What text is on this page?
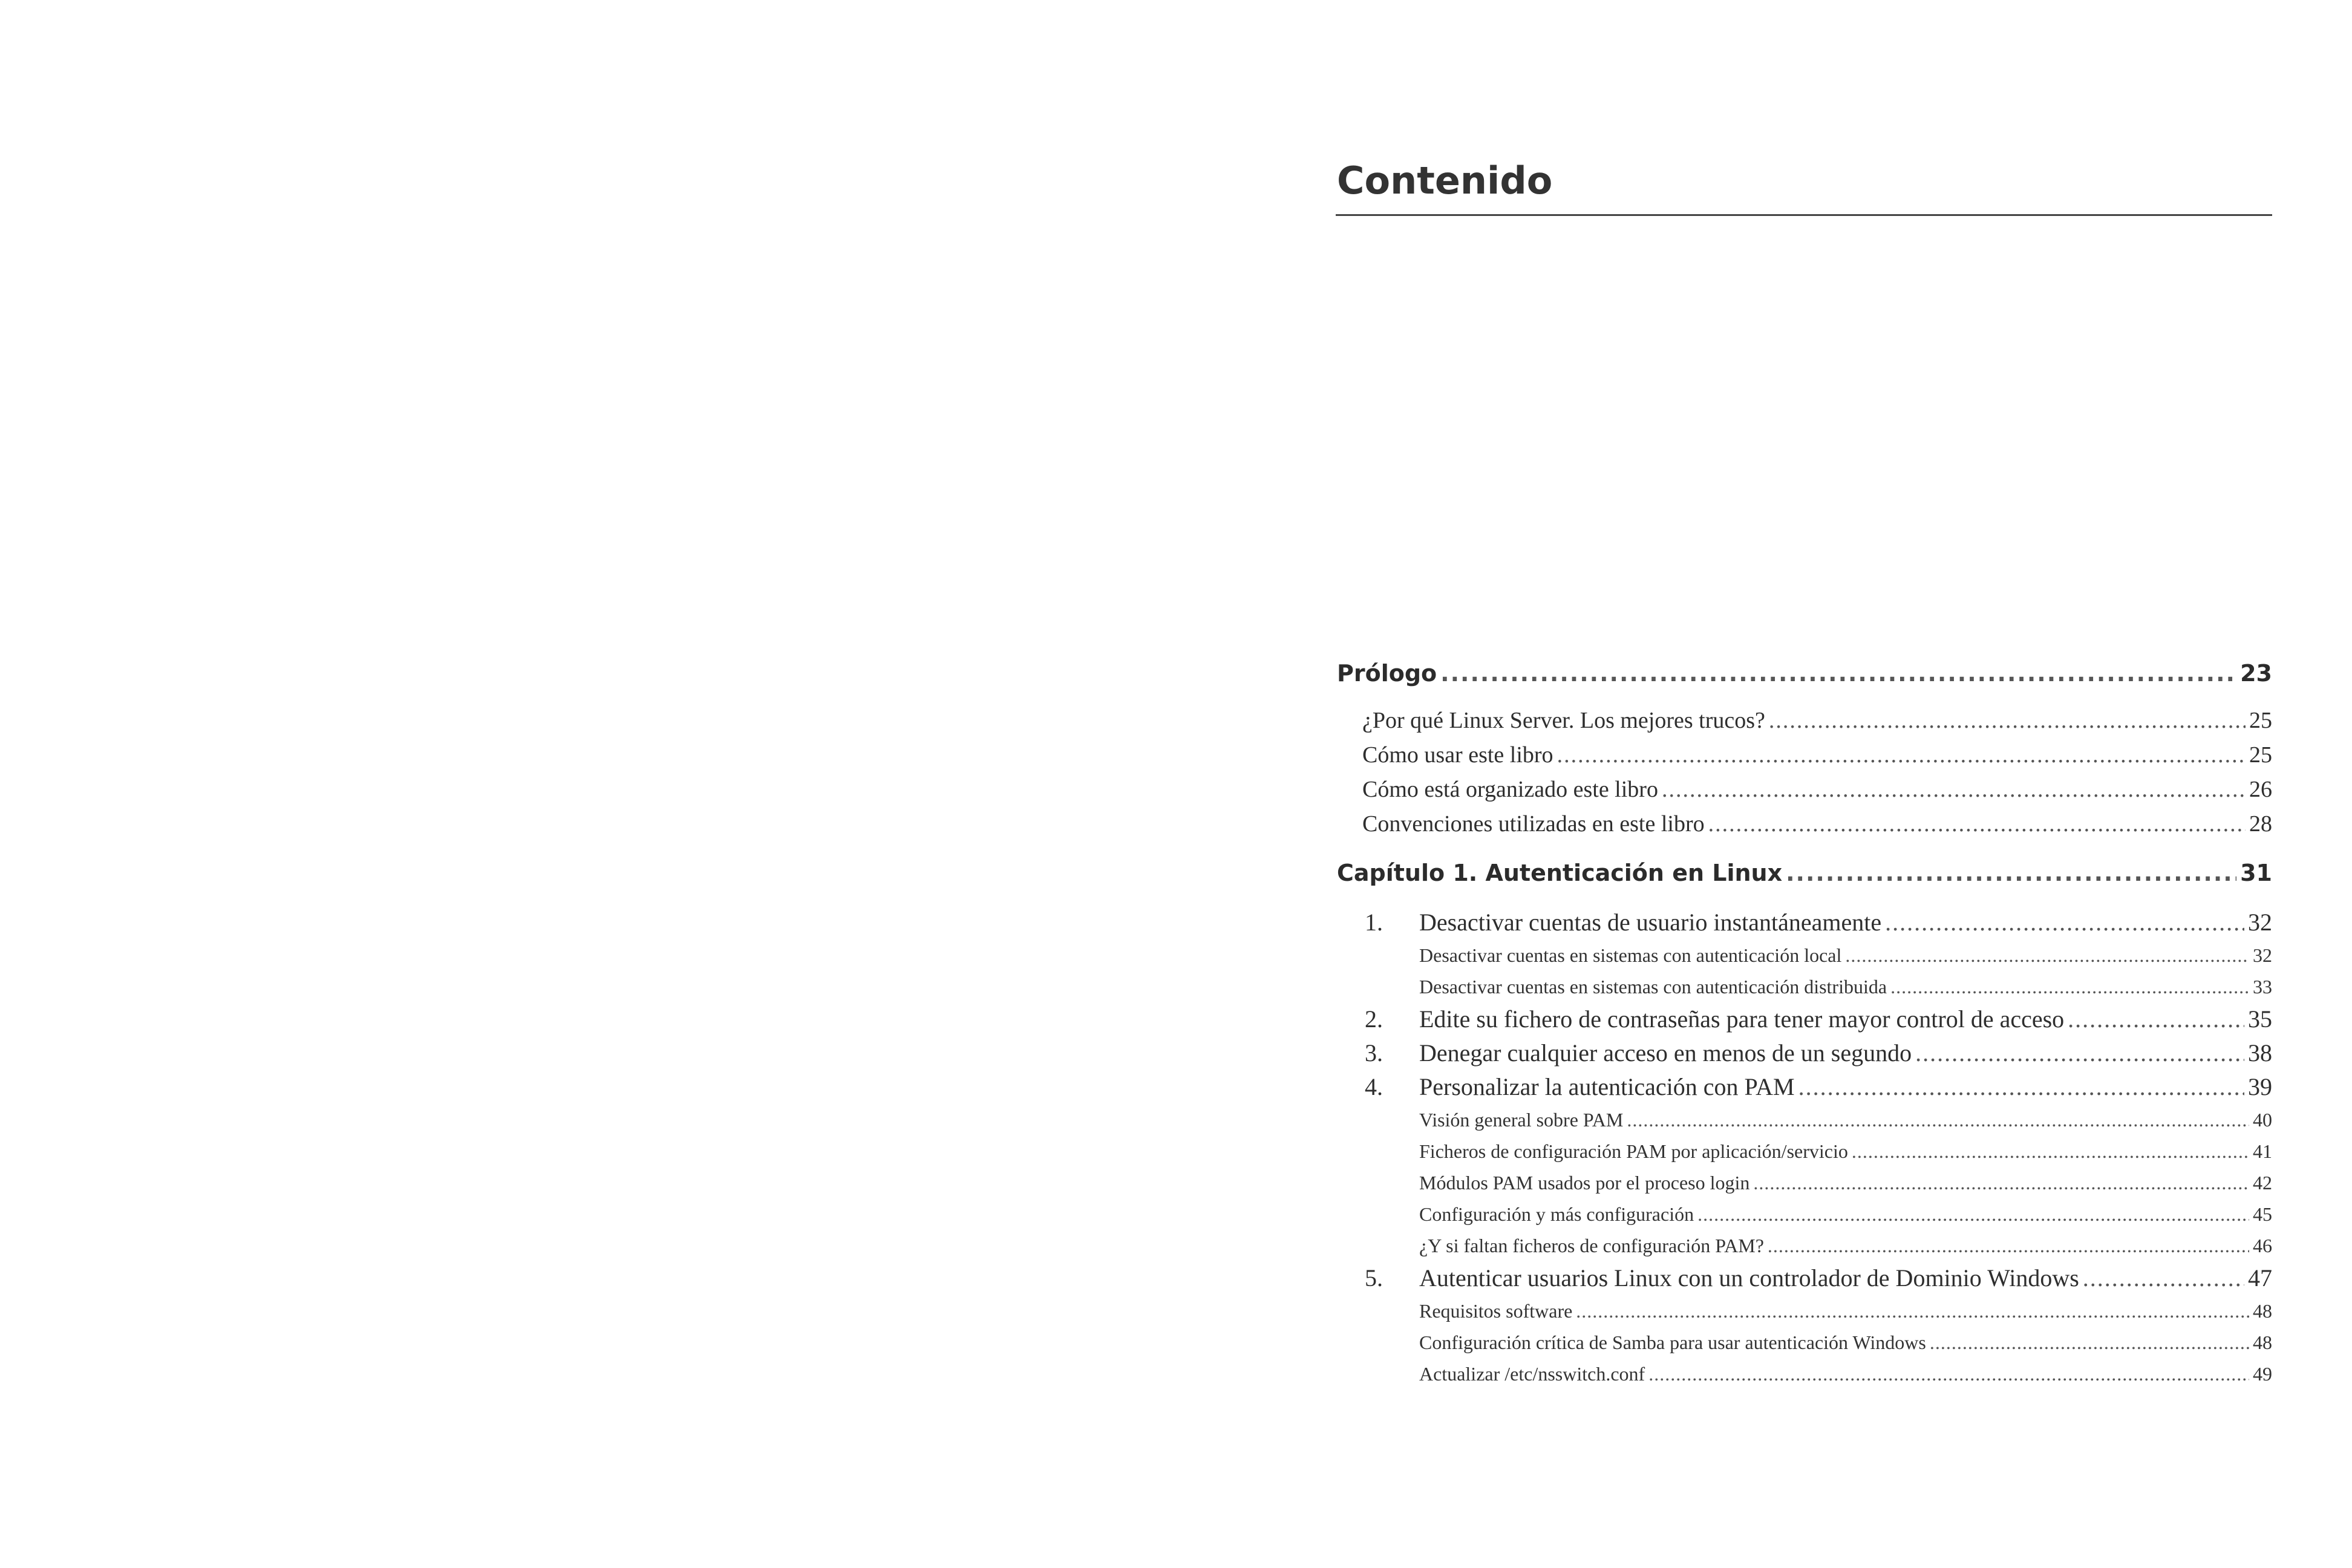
Contenido
Prólogo .....	23
¿Por qué Linux Server. Los mejores trucos? .....	25
Cómo usar este libro .....	25
Cómo está organizado este libro .....	26
Convenciones utilizadas en este libro .....	28
Capítulo 1. Autenticación en Linux .....	31
1.	Desactivar cuentas de usuario instantáneamente .....	32
Desactivar cuentas en sistemas con autenticación local .....	32
Desactivar cuentas en sistemas con autenticación distribuida .....	33
2.	Edite su fichero de contraseñas para tener mayor control de acceso .....	35
3.	Denegar cualquier acceso en menos de un segundo .....	38
4.	Personalizar la autenticación con PAM .....	39
Visión general sobre PAM .....	40
Ficheros de configuración PAM por aplicación/servicio .....	41
Módulos PAM usados por el proceso login .....	42
Configuración y más configuración .....	45
¿Y si faltan ficheros de configuración PAM? .....	46
5.	Autenticar usuarios Linux con un controlador de Dominio Windows .....	47
Requisitos software .....	48
Configuración crítica de Samba para usar autenticación Windows .....	48
Actualizar /etc/nsswitch.conf .....	49
